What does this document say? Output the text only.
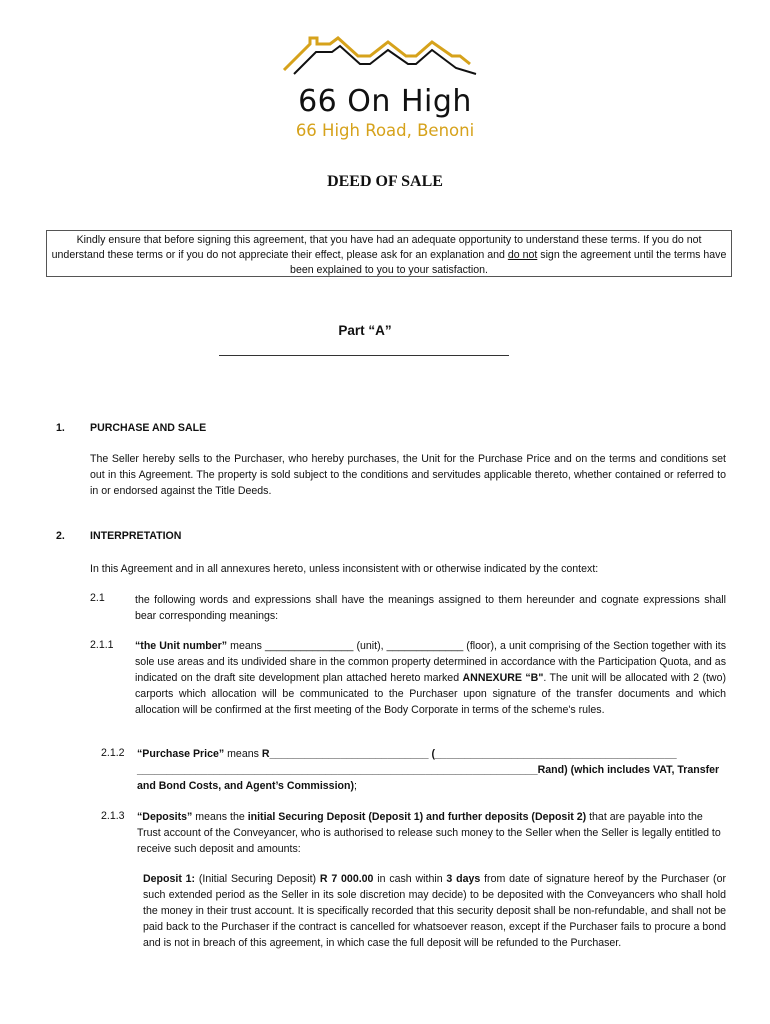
66 On High
66 High Road, Benoni
DEED OF SALE
Kindly ensure that before signing this agreement, that you have had an adequate opportunity to understand these terms. If you do not understand these terms or if you do not appreciate their effect, please ask for an explanation and do not sign the agreement until the terms have been explained to you to your satisfaction.
Part “A”
1. PURCHASE AND SALE
The Seller hereby sells to the Purchaser, who hereby purchases, the Unit for the Purchase Price and on the terms and conditions set out in this Agreement. The property is sold subject to the conditions and servitudes applicable thereto, whether contained or referred to in or endorsed against the Title Deeds.
2. INTERPRETATION
In this Agreement and in all annexures hereto, unless inconsistent with or otherwise indicated by the context:
2.1	the following words and expressions shall have the meanings assigned to them hereunder and cognate expressions shall bear corresponding meanings:
2.1.1 “the Unit number” means _______________ (unit), _____________ (floor), a unit comprising of the Section together with its sole use areas and its undivided share in the common property determined in accordance with the Participation Quota, and as indicated on the draft site development plan attached hereto marked ANNEXURE “B". The unit will be allocated with 2 (two) carports which allocation will be communicated to the Purchaser upon signature of the transfer documents and which allocation will be confirmed at the first meeting of the Body Corporate in terms of the scheme's rules.
2.1.2 “Purchase Price” means R___________________________ (_________________________________________ ____________________________________________________________________Rand) (which includes VAT, Transfer and Bond Costs, and Agent’s Commission);
2.1.3 “Deposits” means the initial Securing Deposit (Deposit 1) and further deposits (Deposit 2) that are payable into the Trust account of the Conveyancer, who is authorised to release such money to the Seller when the Seller is legally entitled to receive such deposit and amounts:
Deposit 1: (Initial Securing Deposit) R 7 000.00 in cash within 3 days from date of signature hereof by the Purchaser (or such extended period as the Seller in its sole discretion may decide) to be deposited with the Conveyancers who shall hold the money in their trust account. It is specifically recorded that this security deposit shall be non-refundable, and shall not be paid back to the Purchaser if the contract is cancelled for whatsoever reason, except if the Purchaser fails to procure a bond and is not in breach of this agreement, in which case the full deposit will be refunded to the Purchaser.
